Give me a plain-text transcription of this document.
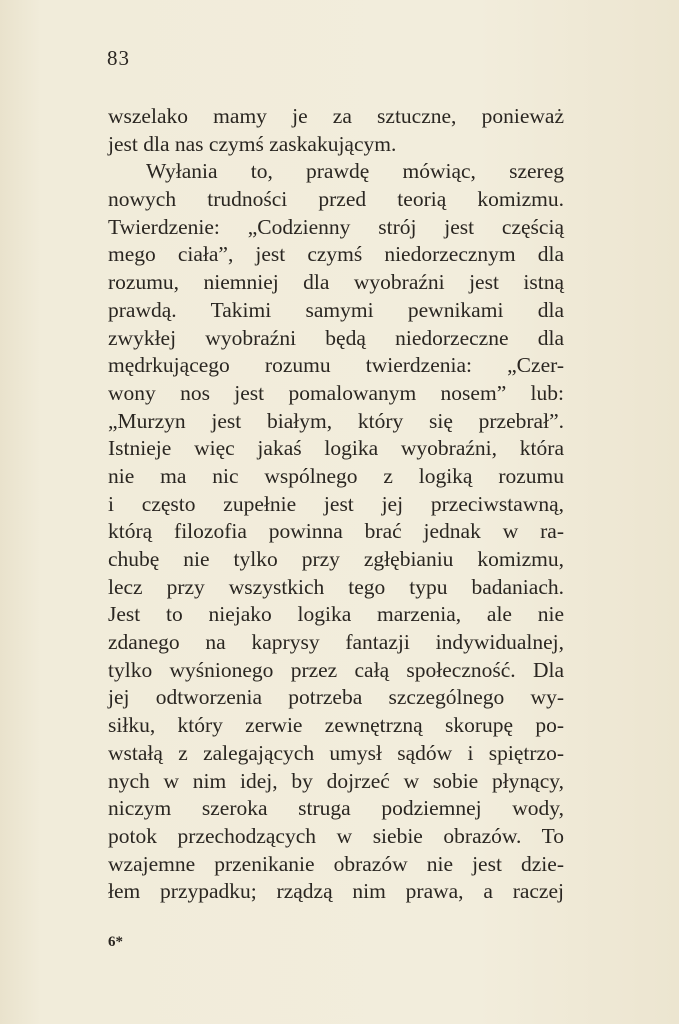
83
wszelako mamy je za sztuczne, ponieważ
jest dla nas czymś zaskakującym.
Wyłania to, prawdę mówiąc, szereg
nowych trudności przed teorią komizmu.
Twierdzenie: „Codzienny strój jest częścią
mego ciała”, jest czymś niedorzecznym dla
rozumu, niemniej dla wyobraźni jest istną
prawdą. Takimi samymi pewnikami dla
zwykłej wyobraźni będą niedorzeczne dla
mędrkującego rozumu twierdzenia: „Czer-
wony nos jest pomalowanym nosem” lub:
„Murzyn jest białym, który się przebrał”.
Istnieje więc jakaś logika wyobraźni, która
nie ma nic wspólnego z logiką rozumu
i często zupełnie jest jej przeciwstawną,
którą filozofia powinna brać jednak w ra-
chubę nie tylko przy zgłębianiu komizmu,
lecz przy wszystkich tego typu badaniach.
Jest to niejako logika marzenia, ale nie
zdanego na kaprysy fantazji indywidualnej,
tylko wyśnionego przez całą społeczność. Dla
jej odtworzenia potrzeba szczególnego wy-
siłku, który zerwie zewnętrzną skorupę po-
wstałą z zalegających umysł sądów i spiętrzo-
nych w nim idej, by dojrzeć w sobie płynący,
niczym szeroka struga podziemnej wody,
potok przechodzących w siebie obrazów. To
wzajemne przenikanie obrazów nie jest dzie-
łem przypadku; rządzą nim prawa, a raczej
6*
